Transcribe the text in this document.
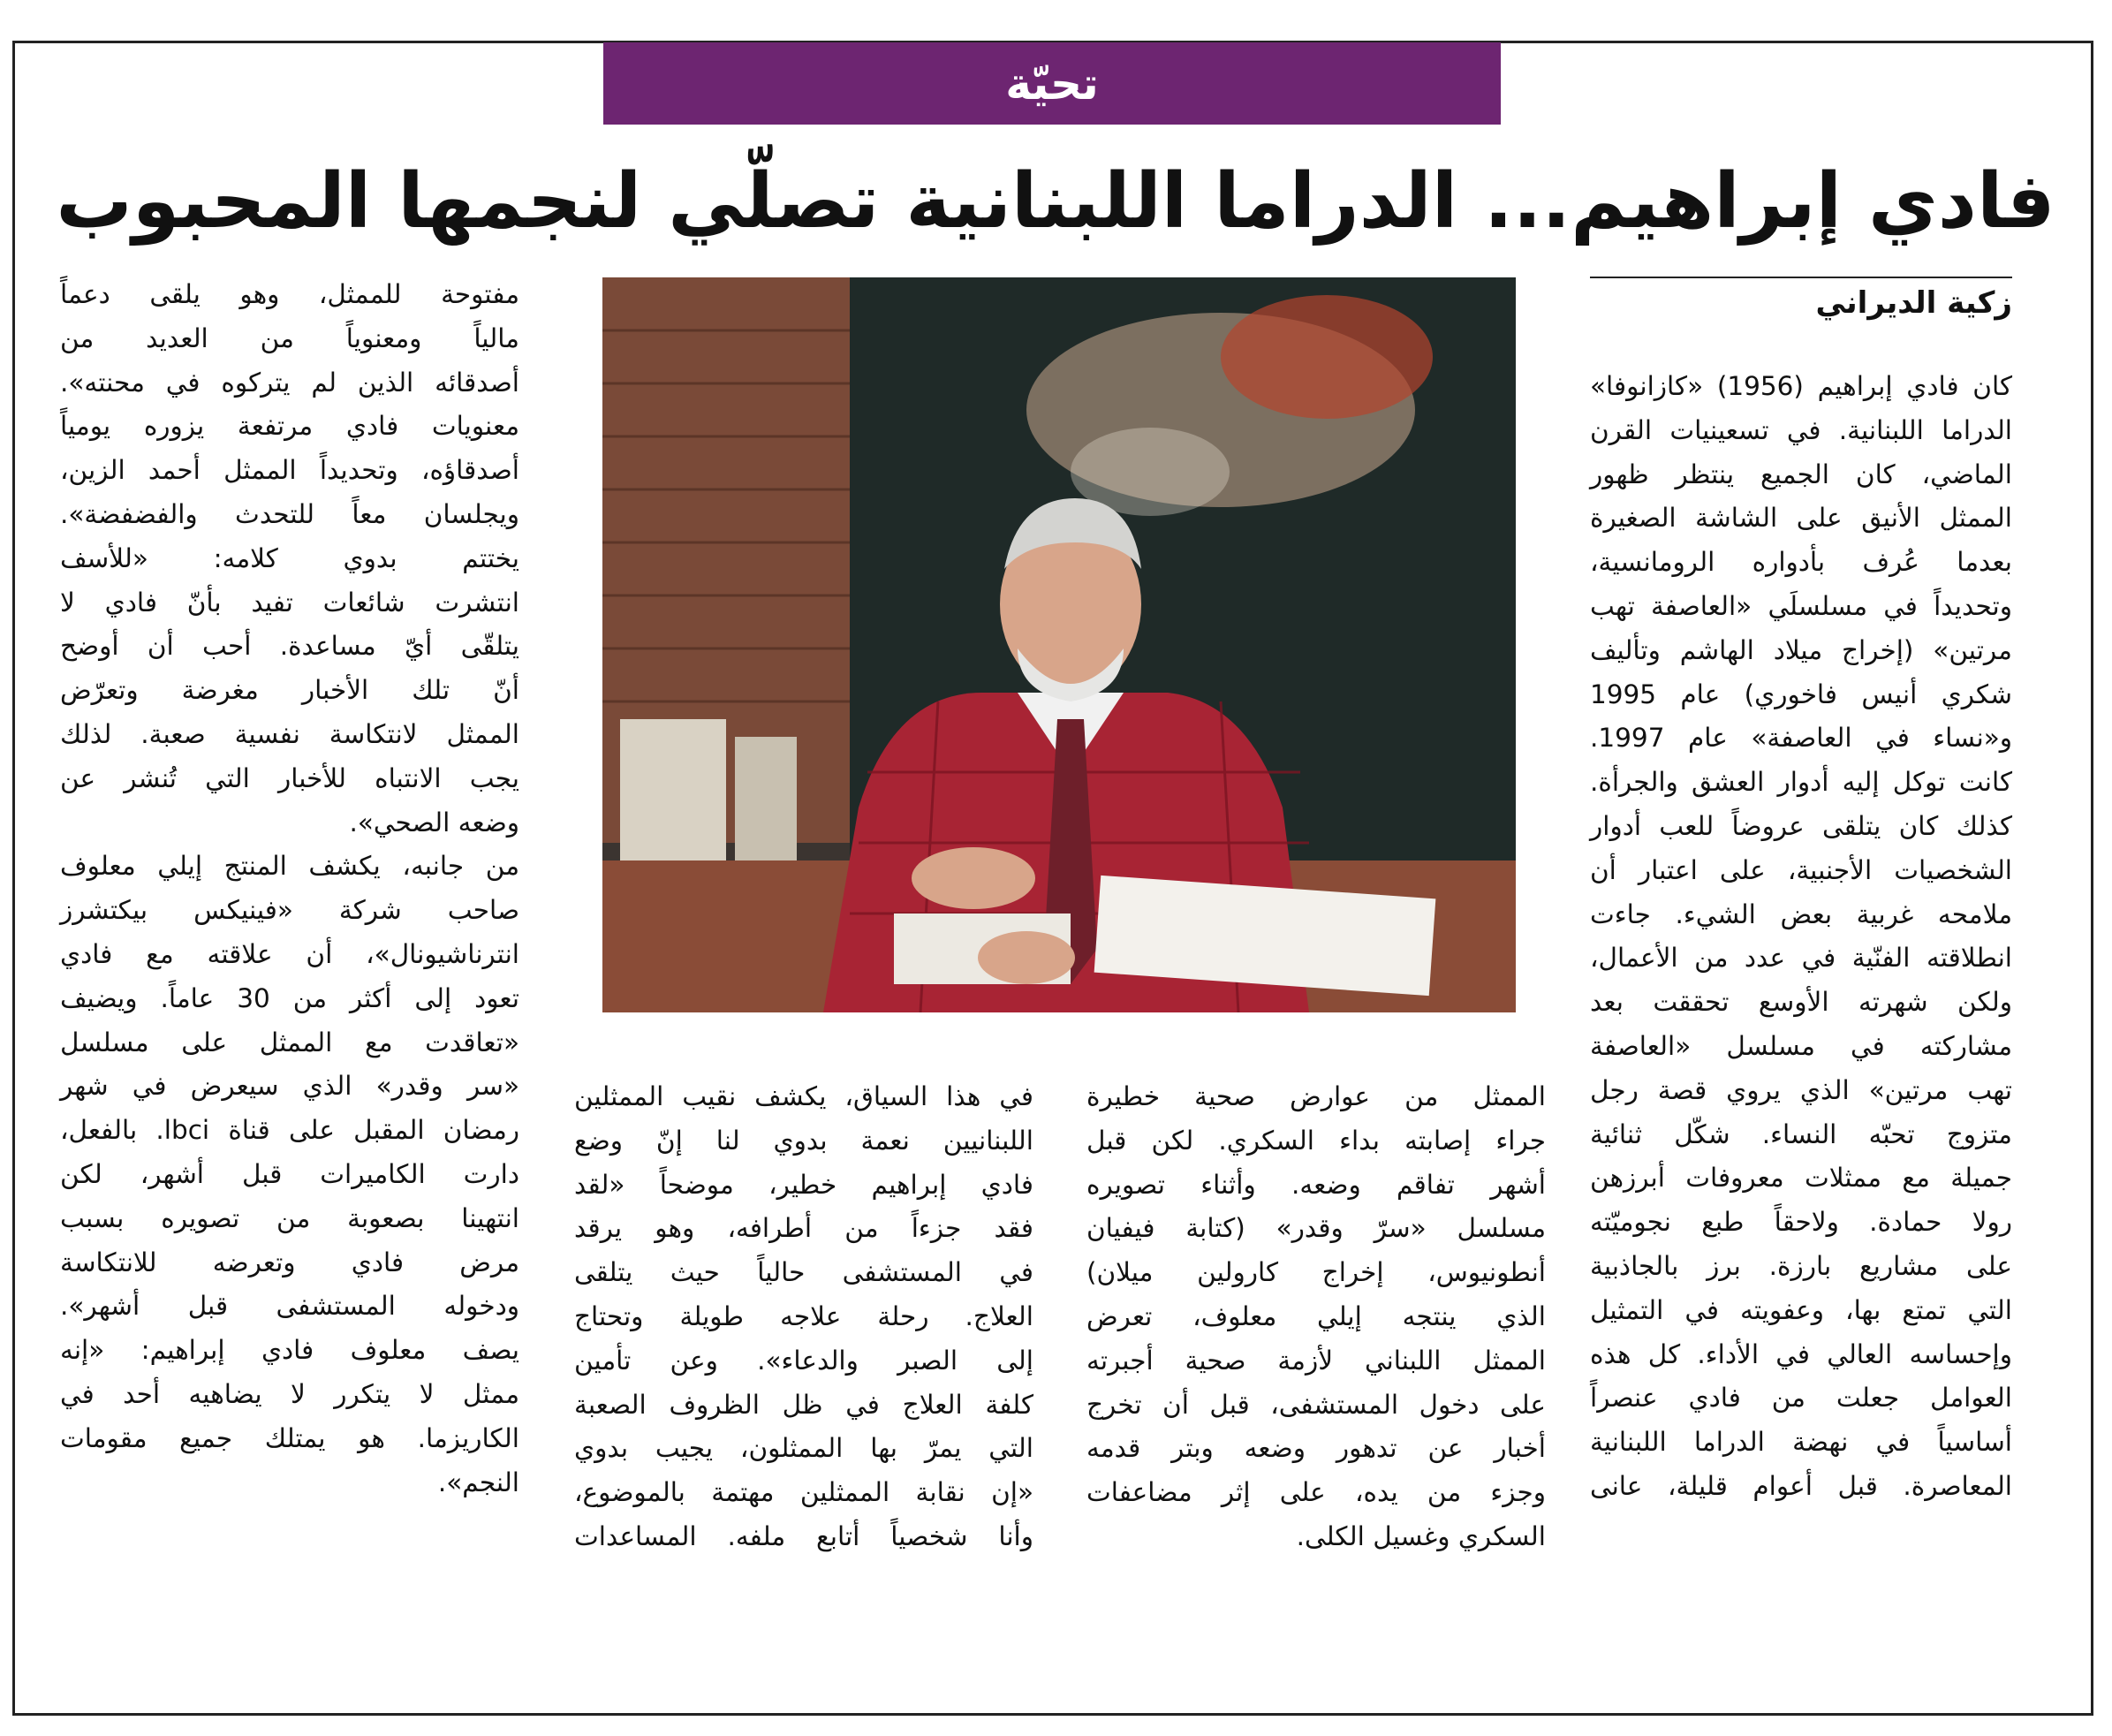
تحيّة
فادي إبراهيم... الدراما اللبنانية تصلّي لنجمها المحبوب
زكية الديراني
كان فادي إبراهيم (1956) «كازانوفا»
الدراما اللبنانية. في تسعينيات القرن
الماضي، كان الجميع ينتظر ظهور
الممثل الأنيق على الشاشة الصغيرة
بعدما عُرف بأدواره الرومانسية،
وتحديداً في مسلسلَي «العاصفة تهب
مرتين» (إخراج ميلاد الهاشم وتأليف
شكري أنيس فاخوري) عام 1995
و«نساء في العاصفة» عام 1997.
كانت توكل إليه أدوار العشق والجرأة.
كذلك كان يتلقى عروضاً للعب أدوار
الشخصيات الأجنبية، على اعتبار أن
ملامحه غربية بعض الشيء. جاءت
انطلاقته الفنّية في عدد من الأعمال،
ولكن شهرته الأوسع تحققت بعد
مشاركته في مسلسل «العاصفة
تهب مرتين» الذي يروي قصة رجل
متزوج تحبّه النساء. شكّل ثنائية
جميلة مع ممثلات معروفات أبرزهن
رولا حمادة. ولاحقاً طبع نجوميّته
على مشاريع بارزة. برز بالجاذبية
التي تمتع بها، وعفويته في التمثيل
وإحساسه العالي في الأداء. كل هذه
العوامل جعلت من فادي عنصراً
أساسياً في نهضة الدراما اللبنانية
المعاصرة. قبل أعوام قليلة، عانى
الممثل من عوارض صحية خطيرة
جراء إصابته بداء السكري. لكن قبل
أشهر تفاقم وضعه. وأثناء تصويره
مسلسل «سرّ وقدر» (كتابة فيفيان
أنطونيوس، إخراج كارولين ميلان)
الذي ينتجه إيلي معلوف، تعرض
الممثل اللبناني لأزمة صحية أجبرته
على دخول المستشفى، قبل أن تخرج
أخبار عن تدهور وضعه وبتر قدمه
وجزء من يده، على إثر مضاعفات
السكري وغسيل الكلى.
في هذا السياق، يكشف نقيب الممثلين
اللبنانيين نعمة بدوي لنا إنّ وضع
فادي إبراهيم خطير، موضحاً «لقد
فقد جزءاً من أطرافه، وهو يرقد
في المستشفى حالياً حيث يتلقى
العلاج. رحلة علاجه طويلة وتحتاج
إلى الصبر والدعاء». وعن تأمين
كلفة العلاج في ظل الظروف الصعبة
التي يمرّ بها الممثلون، يجيب بدوي
«إن نقابة الممثلين مهتمة بالموضوع،
وأنا شخصياً أتابع ملفه. المساعدات
مفتوحة للممثل، وهو يلقى دعماً
مالياً ومعنوياً من العديد من
أصدقائه الذين لم يتركوه في محنته».
معنويات فادي مرتفعة يزوره يومياً
أصدقاؤه، وتحديداً الممثل أحمد الزين،
ويجلسان معاً للتحدث والفضفضة».
يختتم بدوي كلامه: «للأسف
انتشرت شائعات تفيد بأنّ فادي لا
يتلقّى أيّ مساعدة. أحب أن أوضح
أنّ تلك الأخبار مغرضة وتعرّض
الممثل لانتكاسة نفسية صعبة. لذلك
يجب الانتباه للأخبار التي تُنشر عن
وضعه الصحي».
من جانبه، يكشف المنتج إيلي معلوف
صاحب شركة «فينيكس بيكتشرز
انترناشيونال»، أن علاقته مع فادي
تعود إلى أكثر من 30 عاماً. ويضيف
«تعاقدت مع الممثل على مسلسل
«سر وقدر» الذي سيعرض في شهر
رمضان المقبل على قناة lbci. بالفعل،
دارت الكاميرات قبل أشهر، لكن
انتهينا بصعوبة من تصويره بسبب
مرض فادي وتعرضه للانتكاسة
ودخوله المستشفى قبل أشهر».
يصف معلوف فادي إبراهيم: «إنه
ممثل لا يتكرر لا يضاهيه أحد في
الكاريزما. هو يمتلك جميع مقومات
النجم».
